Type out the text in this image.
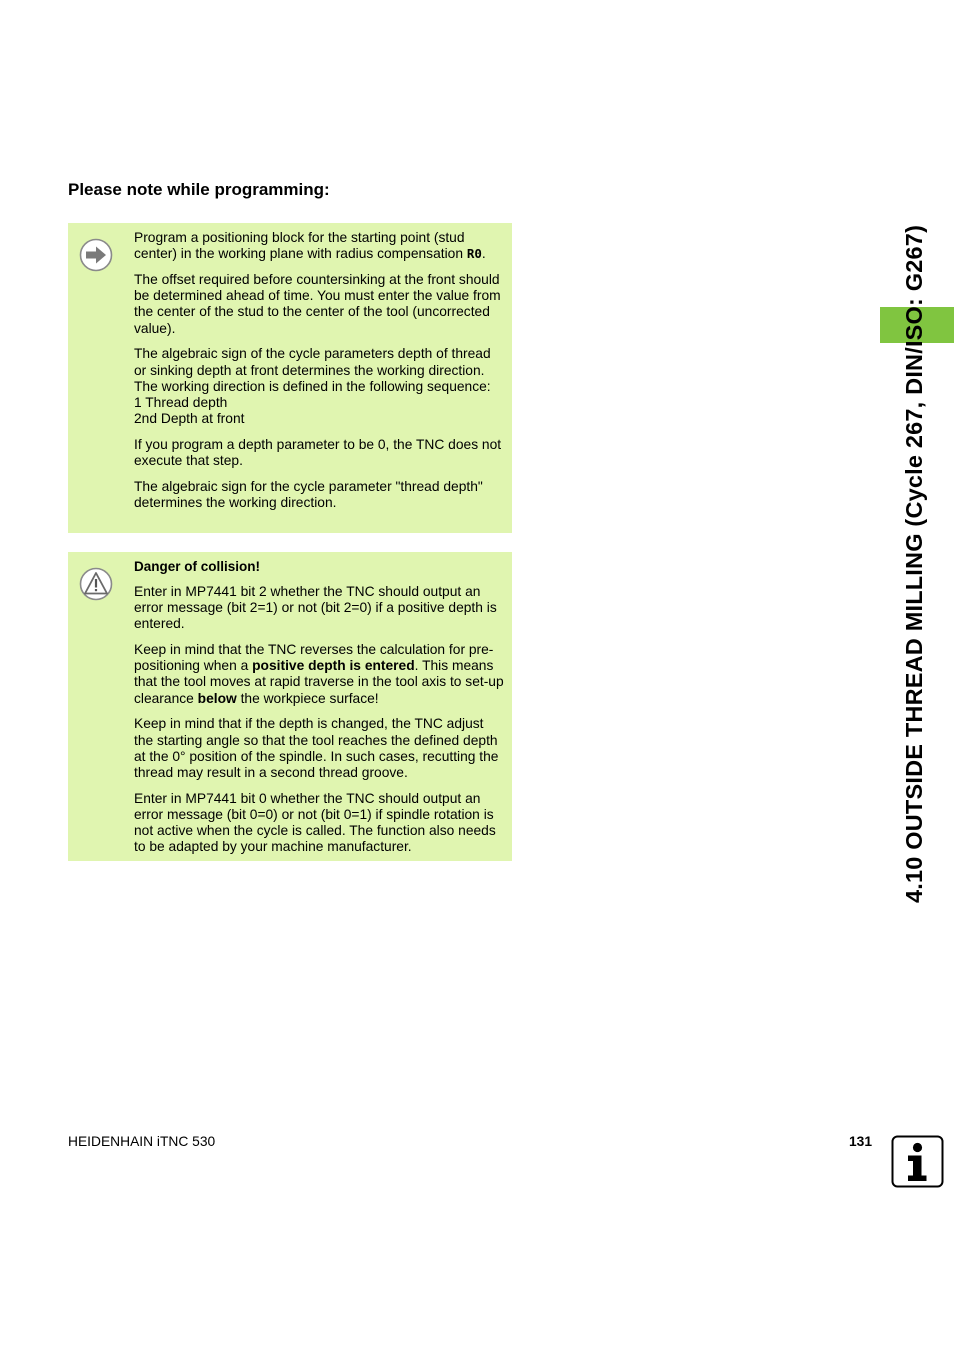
Please note while programming:

Program a positioning block for the starting point (stud center) in the working plane with radius compensation R0.

The offset required before countersinking at the front should be determined ahead of time. You must enter the value from the center of the stud to the center of the tool (uncorrected value).

The algebraic sign of the cycle parameters depth of thread or sinking depth at front determines the working direction. The working direction is defined in the following sequence:
1 Thread depth
2nd Depth at front

If you program a depth parameter to be 0, the TNC does not execute that step.

The algebraic sign for the cycle parameter "thread depth" determines the working direction.

Danger of collision!

Enter in MP7441 bit 2 whether the TNC should output an error message (bit 2=1) or not (bit 2=0) if a positive depth is entered.

Keep in mind that the TNC reverses the calculation for pre-positioning when a positive depth is entered. This means that the tool moves at rapid traverse in the tool axis to set-up clearance below the workpiece surface!

Keep in mind that if the depth is changed, the TNC adjust the starting angle so that the tool reaches the defined depth at the 0° position of the spindle. In such cases, recutting the thread may result in a second thread groove.

Enter in MP7441 bit 0 whether the TNC should output an error message (bit 0=0) or not (bit 0=1) if spindle rotation is not active when the cycle is called. The function also needs to be adapted by your machine manufacturer.	4.10 OUTSIDE THREAD MILLING (Cycle 267, DIN/ISO: G267)
HEIDENHAIN iTNC 530	131
